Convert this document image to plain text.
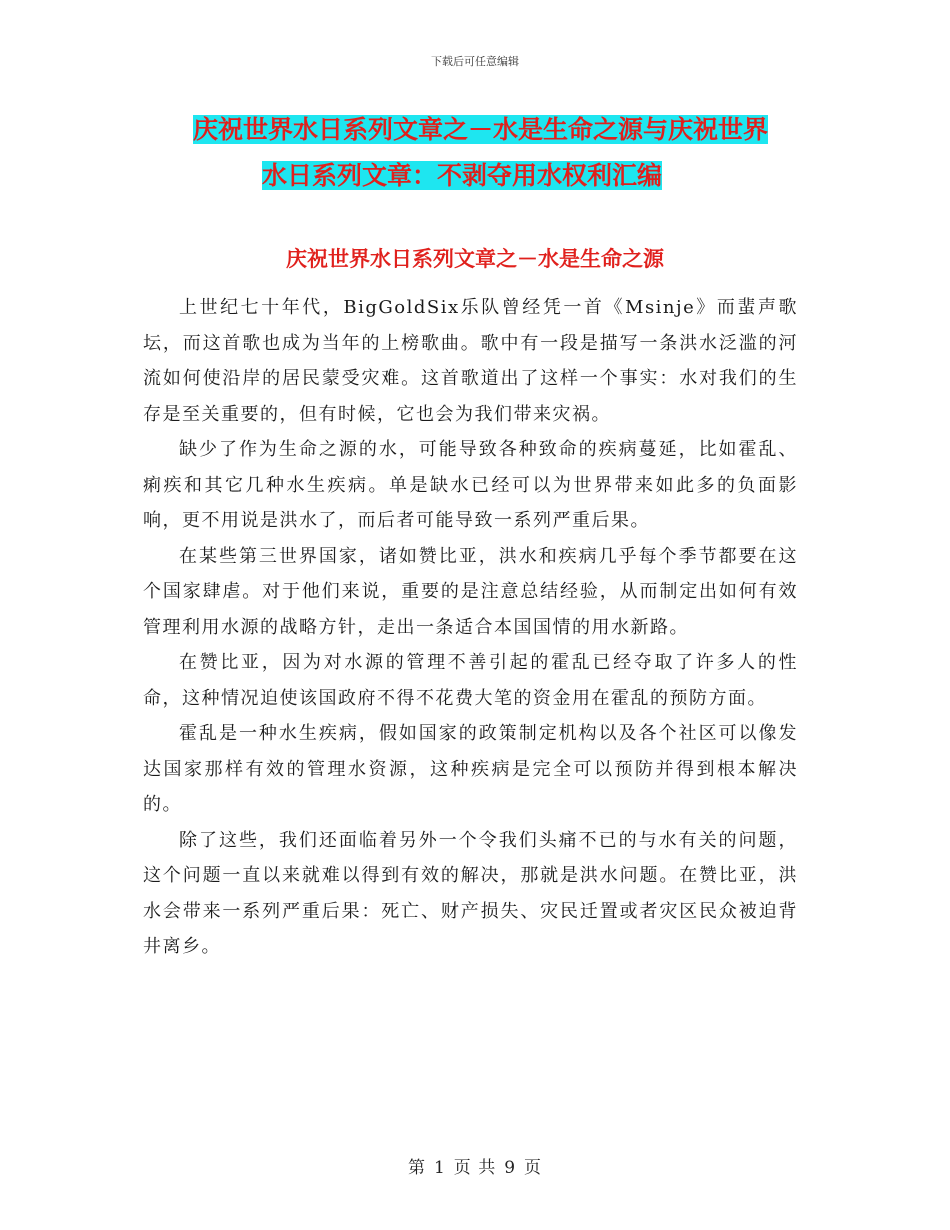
下载后可任意编辑
庆祝世界水日系列文章之－水是生命之源与庆祝世界
水日系列文章：不剥夺用水权利汇编
庆祝世界水日系列文章之－水是生命之源

上世纪七十年代，BigGoldSix乐队曾经凭一首《Msinje》而蜚声歌坛，而这首歌也成为当年的上榜歌曲。歌中有一段是描写一条洪水泛滥的河流如何使沿岸的居民蒙受灾难。这首歌道出了这样一个事实：水对我们的生存是至关重要的，但有时候，它也会为我们带来灾祸。

缺少了作为生命之源的水，可能导致各种致命的疾病蔓延，比如霍乱、痢疾和其它几种水生疾病。单是缺水已经可以为世界带来如此多的负面影响，更不用说是洪水了，而后者可能导致一系列严重后果。

在某些第三世界国家，诸如赞比亚，洪水和疾病几乎每个季节都要在这个国家肆虐。对于他们来说，重要的是注意总结经验，从而制定出如何有效管理利用水源的战略方针，走出一条适合本国国情的用水新路。

在赞比亚，因为对水源的管理不善引起的霍乱已经夺取了许多人的性命，这种情况迫使该国政府不得不花费大笔的资金用在霍乱的预防方面。

霍乱是一种水生疾病，假如国家的政策制定机构以及各个社区可以像发达国家那样有效的管理水资源，这种疾病是完全可以预防并得到根本解决的。

除了这些，我们还面临着另外一个令我们头痛不已的与水有关的问题，这个问题一直以来就难以得到有效的解决，那就是洪水问题。在赞比亚，洪水会带来一系列严重后果：死亡、财产损失、灾民迁置或者灾区民众被迫背井离乡。

第 1 页 共 9 页
